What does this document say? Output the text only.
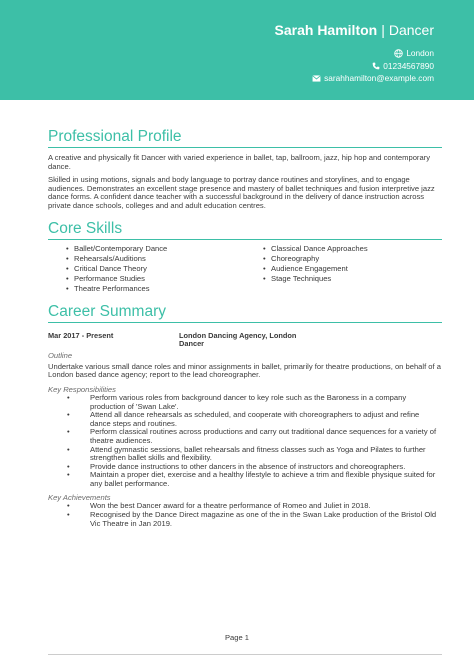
Sarah Hamilton | Dancer
London
01234567890
sarahhamilton@example.com
Professional Profile

A creative and physically fit Dancer with varied experience in ballet, tap, ballroom, jazz, hip hop and contemporary dance.

Skilled in using motions, signals and body language to portray dance routines and storylines, and to engage audiences. Demonstrates an excellent stage presence and mastery of ballet techniques and fusion interpretive jazz dance forms. A confident dance teacher with a successful background in the delivery of dance instruction across private dance schools, colleges and and adult education centres.

Core Skills
• Ballet/Contemporary Dance
• Rehearsals/Auditions
• Critical Dance Theory
• Performance Studies
• Theatre Performances
• Classical Dance Approaches
• Choreography
• Audience Engagement
• Stage Techniques
Career Summary
Mar 2017 - Present	London Dancing Agency, London
Dancer
Outline

Undertake various small dance roles and minor assignments in ballet, primarily for theatre productions, on behalf of a London based dance agency; report to the lead choreographer.

Key Responsibilities
• Perform various roles from background dancer to key role such as the Baroness in a company production of 'Swan Lake'.
• Attend all dance rehearsals as scheduled, and cooperate with choreographers to adjust and refine dance steps and routines.
• Perform classical routines across productions and carry out traditional dance sequences for a variety of theatre audiences.
• Attend gymnastic sessions, ballet rehearsals and fitness classes such as Yoga and Pilates to further strengthen ballet skills and flexibility.
• Provide dance instructions to other dancers in the absence of instructors and choreographers.
• Maintain a proper diet, exercise and a healthy lifestyle to achieve a trim and flexible physique suited for any ballet performance.
Key Achievements
• Won the best Dancer award for a theatre performance of Romeo and Juliet in 2018.
• Recognised by the Dance Direct magazine as one of the in the Swan Lake production of the Bristol Old Vic Theatre in Jan 2019.
Page 1
